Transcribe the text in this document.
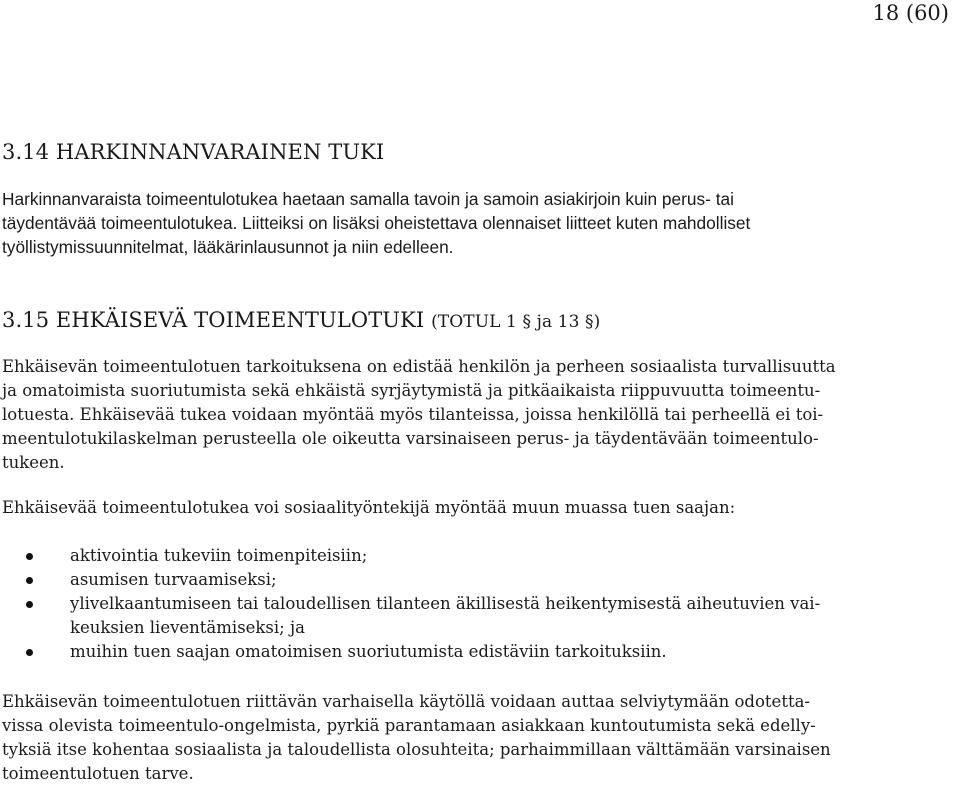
18 (60)
3.14 HARKINNANVARAINEN TUKI

Harkinnanvaraista toimeentulotukea haetaan samalla tavoin ja samoin asiakirjoin kuin perus- tai
täydentävää toimeentulotukea. Liitteiksi on lisäksi oheistettava olennaiset liitteet kuten mahdolliset
työllistymissuunnitelmat, lääkärinlausunnot ja niin edelleen.

3.15 EHKÄISEVÄ TOIMEENTULOTUKI (TOTUL 1 § ja 13 §)

Ehkäisevän toimeentulotuen tarkoituksena on edistää henkilön ja perheen sosiaalista turvallisuutta
ja omatoimista suoriutumista sekä ehkäistä syrjäytymistä ja pitkäaikaista riippuvuutta toimeentu-
lotuesta. Ehkäisevää tukea voidaan myöntää myös tilanteissa, joissa henkilöllä tai perheellä ei toi-
meentulotukilaskelman perusteella ole oikeutta varsinaiseen perus- ja täydentävään toimeentulo-
tukeen.

Ehkäisevää toimeentulotukea voi sosiaalityöntekijä myöntää muun muassa tuen saajan:

aktivointia tukeviin toimenpiteisiin;
asumisen turvaamiseksi;
ylivelkaantumiseen tai taloudellisen tilanteen äkillisestä heikentymisestä aiheutuvien vai-
keuksien lieventämiseksi; ja
muihin tuen saajan omatoimisen suoriutumista edistäviin tarkoituksiin.

Ehkäisevän toimeentulotuen riittävän varhaisella käytöllä voidaan auttaa selviytymään odotetta-
vissa olevista toimeentulo-ongelmista, pyrkiä parantamaan asiakkaan kuntoutumista sekä edelly-
tyksiä itse kohentaa sosiaalista ja taloudellista olosuhteita; parhaimmillaan välttämään varsinaisen
toimeentulotuen tarve.
